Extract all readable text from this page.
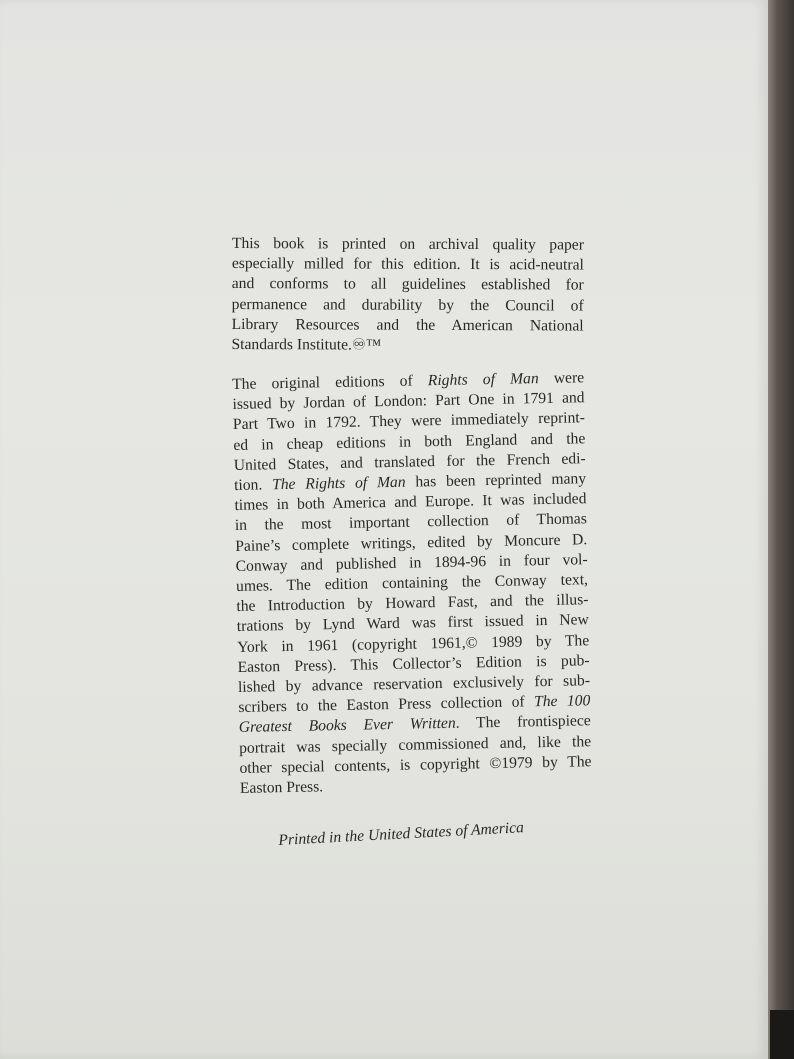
This book is printed on archival quality paper
especially milled for this edition. It is acid-neutral
and conforms to all guidelines established for
permanence and durability by the Council of
Library Resources and the American National
Standards Institute.♾™

The original editions of Rights of Man were
issued by Jordan of London: Part One in 1791 and
Part Two in 1792. They were immediately reprint-
ed in cheap editions in both England and the
United States, and translated for the French edi-
tion. The Rights of Man has been reprinted many
times in both America and Europe. It was included
in the most important collection of Thomas
Paine’s complete writings, edited by Moncure D.
Conway and published in 1894-96 in four vol-
umes. The edition containing the Conway text,
the Introduction by Howard Fast, and the illus-
trations by Lynd Ward was first issued in New
York in 1961 (copyright 1961,© 1989 by The
Easton Press). This Collector’s Edition is pub-
lished by advance reservation exclusively for sub-
scribers to the Easton Press collection of The 100
Greatest Books Ever Written. The frontispiece
portrait was specially commissioned and, like the
other special contents, is copyright ©1979 by The
Easton Press.

Printed in the United States of America
